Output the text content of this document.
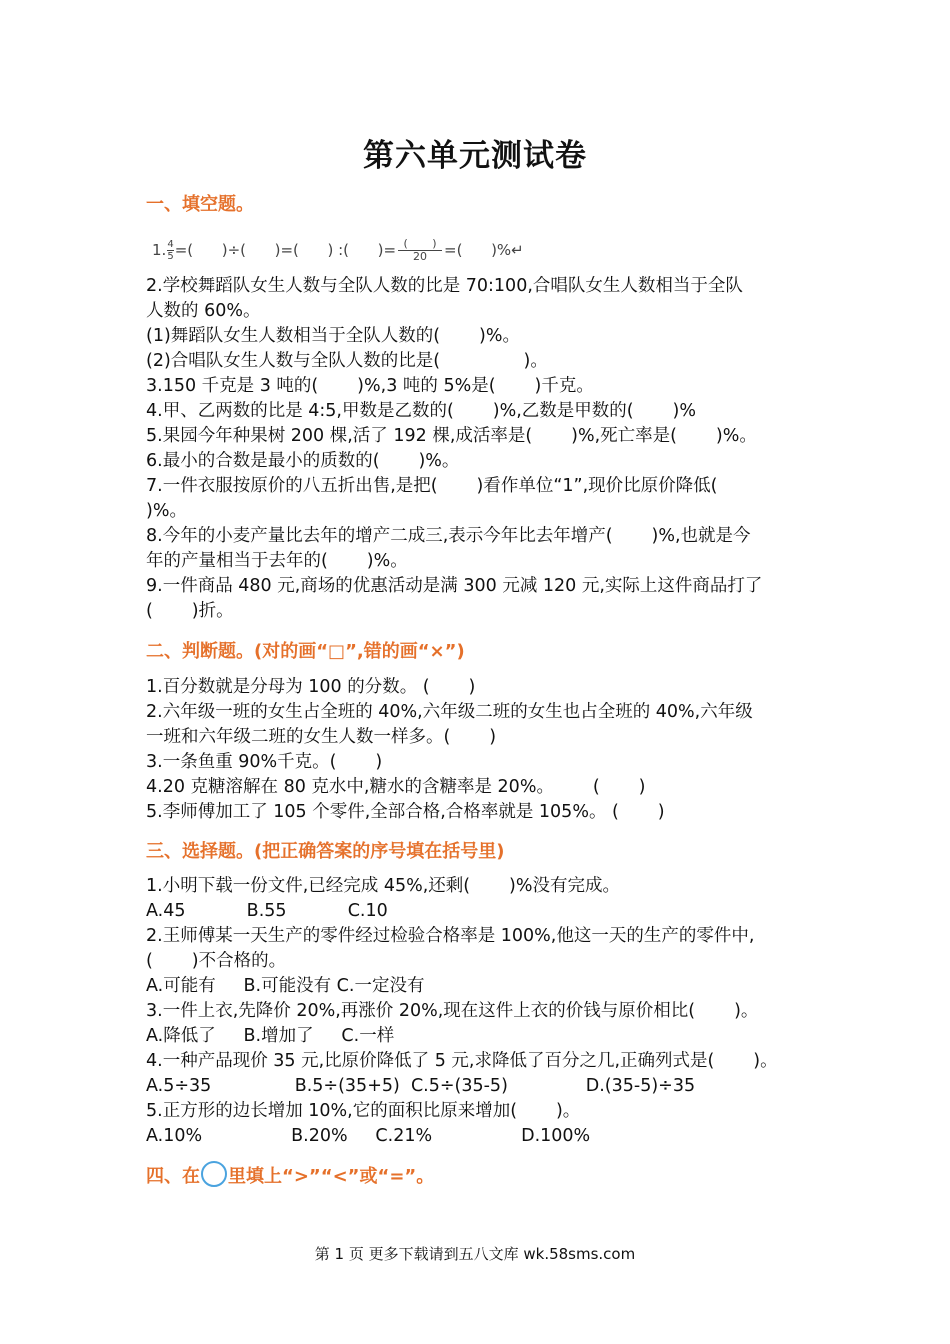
第六单元测试卷
一、填空题。
1. $\frac{4}{5}$ =(      )÷(      )=(      ) :(      )= (       )
20 =(      )%↵
2.学校舞蹈队女生人数与全队人数的比是 70:100,合唱队女生人数相当于全队
人数的 60%。
(1)舞蹈队女生人数相当于全队人数的(       )%。
(2)合唱队女生人数与全队人数的比是(               )。
3.150 千克是 3 吨的(       )%,3 吨的 5%是(       )千克。
4.甲、乙两数的比是 4:5,甲数是乙数的(       )%,乙数是甲数的(       )%
5.果园今年种果树 200 棵,活了 192 棵,成活率是(       )%,死亡率是(       )%。
6.最小的合数是最小的质数的(       )%。
7.一件衣服按原价的八五折出售,是把(       )看作单位“1”,现价比原价降低(
)%。
8.今年的小麦产量比去年的增产二成三,表示今年比去年增产(       )%,也就是今
年的产量相当于去年的(       )%。
9.一件商品 480 元,商场的优惠活动是满 300 元减 120 元,实际上这件商品打了
(       )折。
二、判断题。(对的画“□”,错的画“×”)
1.百分数就是分母为 100 的分数。 (       )
2.六年级一班的女生占全班的 40%,六年级二班的女生也占全班的 40%,六年级
一班和六年级二班的女生人数一样多。(       )
3.一条鱼重 90%千克。(       )
4.20 克糖溶解在 80 克水中,糖水的含糖率是 20%。       (       )
5.李师傅加工了 105 个零件,全部合格,合格率就是 105%。 (       )
三、选择题。(把正确答案的序号填在括号里)
1.小明下载一份文件,已经完成 45%,还剩(       )%没有完成。
A.45           B.55           C.10
2.王师傅某一天生产的零件经过检验合格率是 100%,他这一天的生产的零件中,
(       )不合格的。
A.可能有     B.可能没有 C.一定没有
3.一件上衣,先降价 20%,再涨价 20%,现在这件上衣的价钱与原价相比(       )。
A.降低了     B.增加了     C.一样
4.一种产品现价 35 元,比原价降低了 5 元,求降低了百分之几,正确列式是(       )。
A.5÷35               B.5÷(35+5)  C.5÷(35-5)              D.(35-5)÷35
5.正方形的边长增加 10%,它的面积比原来增加(       )。
A.10%                B.20%     C.21%                D.100%
四、在 里填上“>”“<”或“=”。
第 1 页 更多下载请到五八文库 wk.58sms.com
